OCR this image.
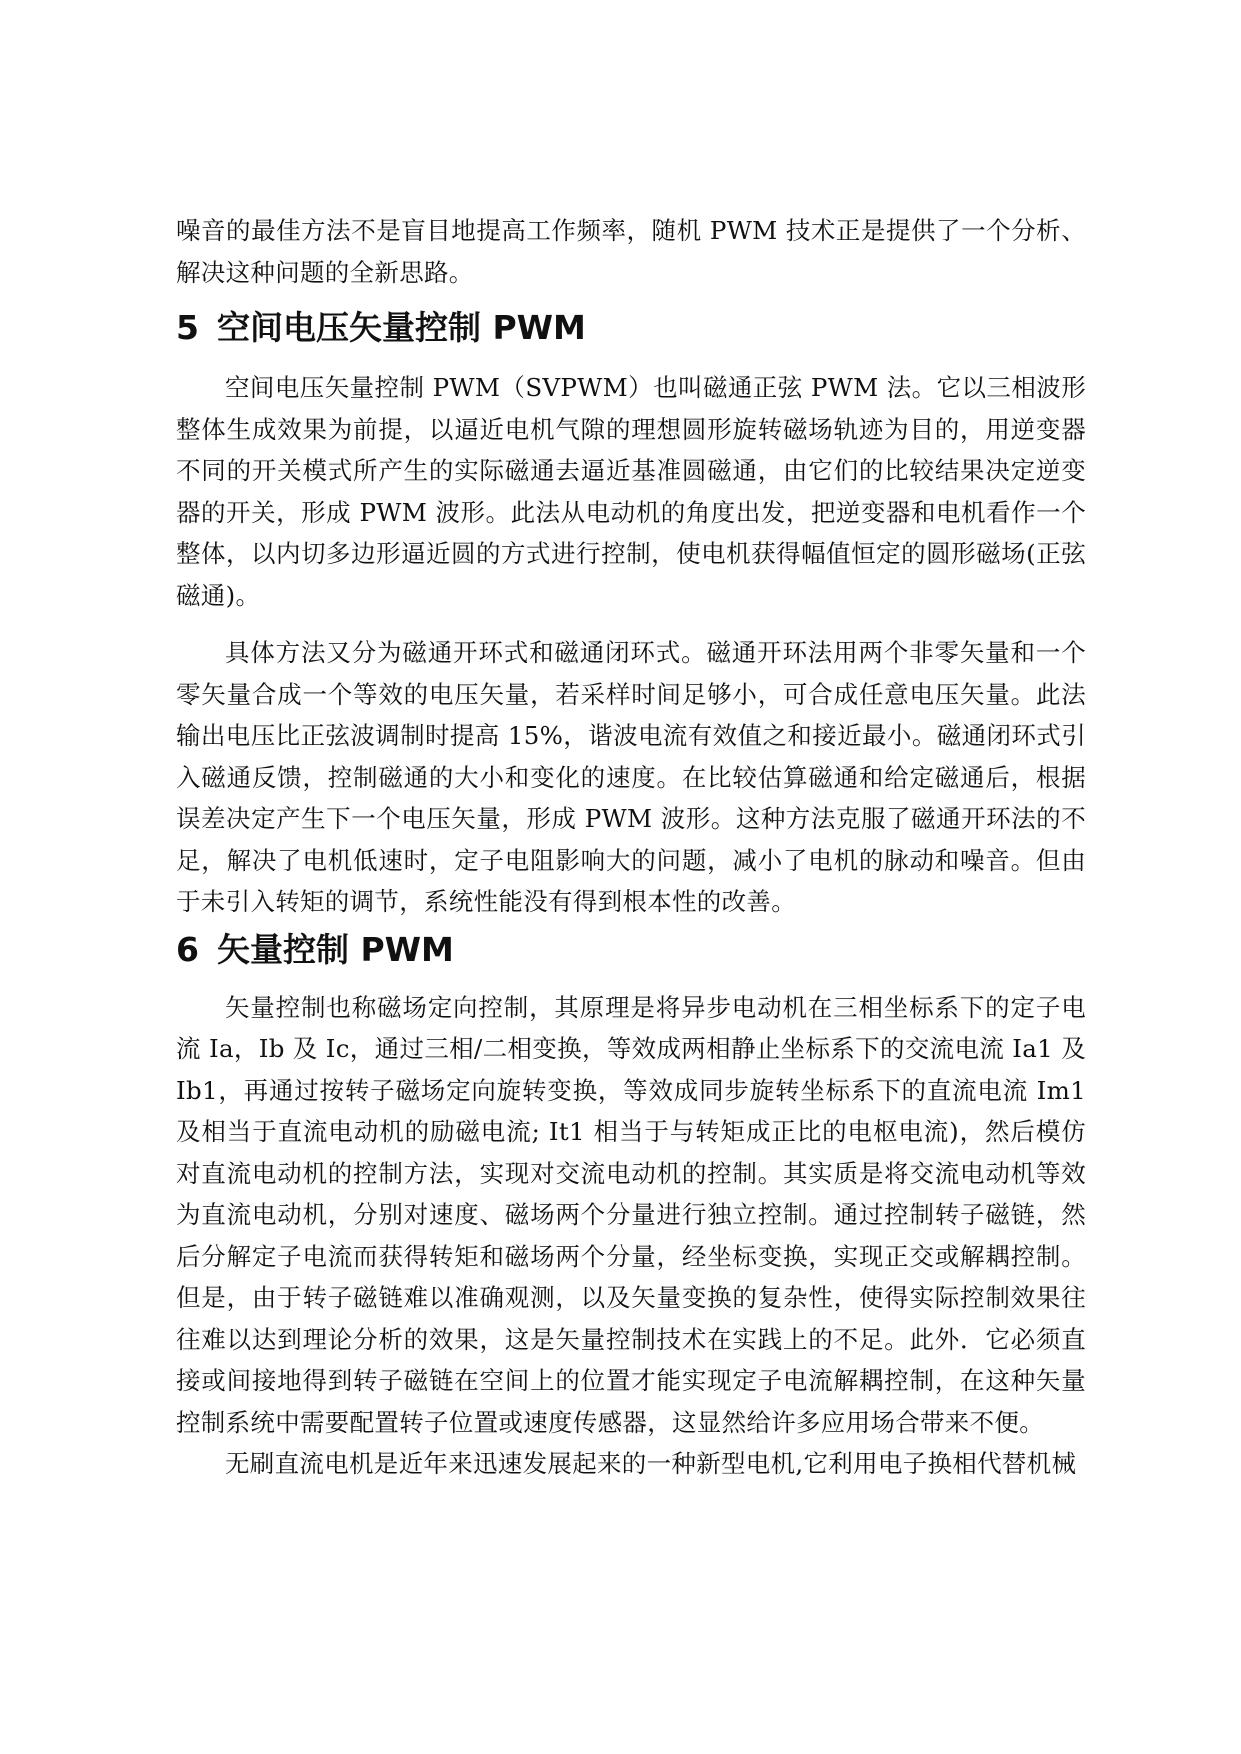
噪音的最佳方法不是盲目地提高工作频率，随机 PWM 技术正是提供了一个分析、解决这种问题的全新思路。

5 空间电压矢量控制 PWM

空间电压矢量控制 PWM（SVPWM）也叫磁通正弦 PWM 法。它以三相波形整体生成效果为前提，以逼近电机气隙的理想圆形旋转磁场轨迹为目的，用逆变器不同的开关模式所产生的实际磁通去逼近基准圆磁通，由它们的比较结果决定逆变器的开关，形成 PWM 波形。此法从电动机的角度出发，把逆变器和电机看作一个整体，以内切多边形逼近圆的方式进行控制，使电机获得幅值恒定的圆形磁场(正弦磁通)。

具体方法又分为磁通开环式和磁通闭环式。磁通开环法用两个非零矢量和一个零矢量合成一个等效的电压矢量，若采样时间足够小，可合成任意电压矢量。此法输出电压比正弦波调制时提高 15%，谐波电流有效值之和接近最小。磁通闭环式引入磁通反馈，控制磁通的大小和变化的速度。在比较估算磁通和给定磁通后，根据误差决定产生下一个电压矢量，形成 PWM 波形。这种方法克服了磁通开环法的不足，解决了电机低速时，定子电阻影响大的问题，减小了电机的脉动和噪音。但由于未引入转矩的调节，系统性能没有得到根本性的改善。

6 矢量控制 PWM

矢量控制也称磁场定向控制，其原理是将异步电动机在三相坐标系下的定子电流 Ia，Ib 及 Ic，通过三相/二相变换，等效成两相静止坐标系下的交流电流 Ia1 及Ib1，再通过按转子磁场定向旋转变换，等效成同步旋转坐标系下的直流电流 Im1 及相当于直流电动机的励磁电流; It1 相当于与转矩成正比的电枢电流)，然后模仿对直流电动机的控制方法，实现对交流电动机的控制。其实质是将交流电动机等效为直流电动机，分别对速度、磁场两个分量进行独立控制。通过控制转子磁链，然后分解定子电流而获得转矩和磁场两个分量，经坐标变换，实现正交或解耦控制。但是，由于转子磁链难以准确观测，以及矢量变换的复杂性，使得实际控制效果往往难以达到理论分析的效果，这是矢量控制技术在实践上的不足。此外．它必须直接或间接地得到转子磁链在空间上的位置才能实现定子电流解耦控制，在这种矢量控制系统中需要配置转子位置或速度传感器，这显然给许多应用场合带来不便。

无刷直流电机是近年来迅速发展起来的一种新型电机,它利用电子换相代替机械
